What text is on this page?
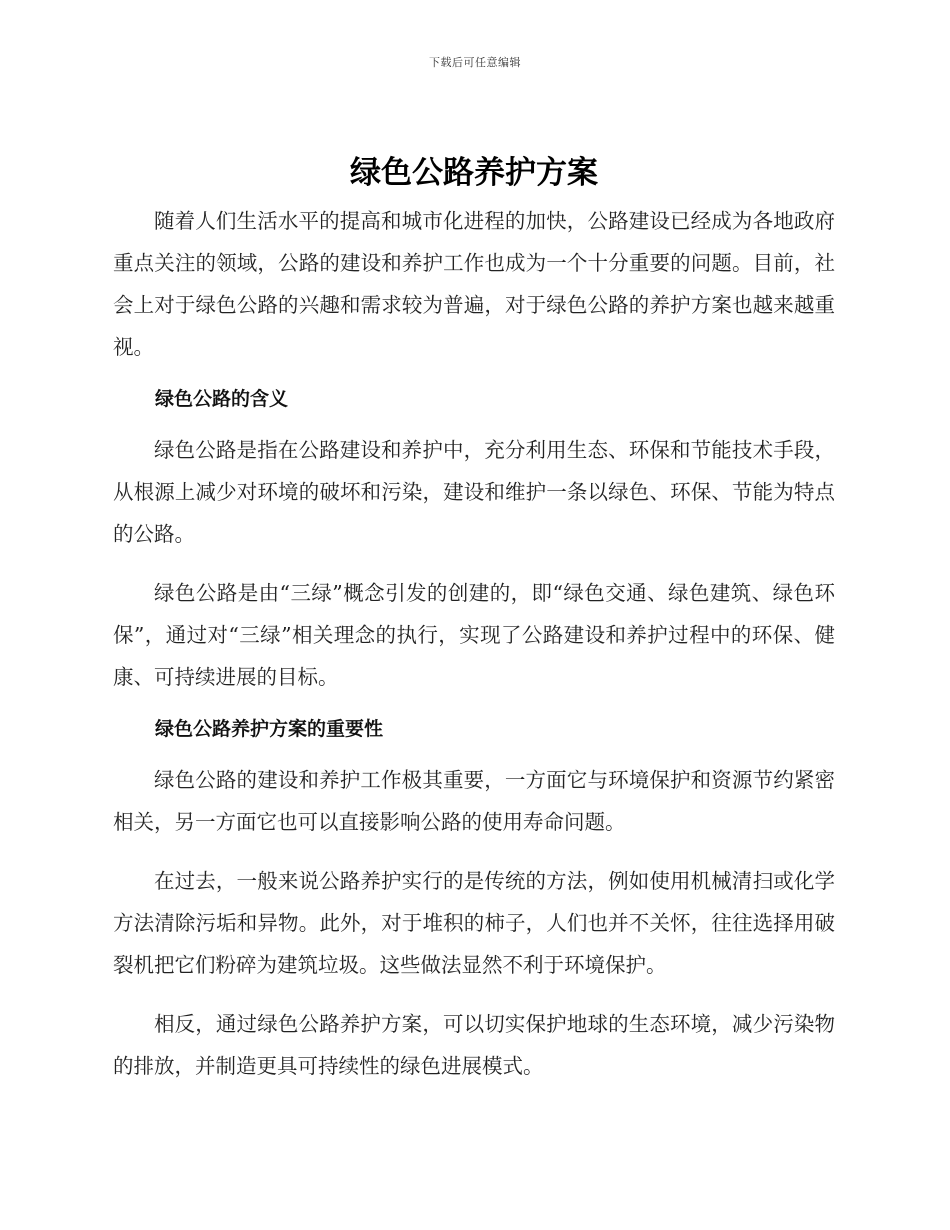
下载后可任意编辑
绿色公路养护方案

随着人们生活水平的提高和城市化进程的加快，公路建设已经成为各地政府重点关注的领域，公路的建设和养护工作也成为一个十分重要的问题。目前，社会上对于绿色公路的兴趣和需求较为普遍，对于绿色公路的养护方案也越来越重视。

绿色公路的含义

绿色公路是指在公路建设和养护中，充分利用生态、环保和节能技术手段，从根源上减少对环境的破坏和污染，建设和维护一条以绿色、环保、节能为特点的公路。

绿色公路是由“三绿”概念引发的创建的，即“绿色交通、绿色建筑、绿色环保”，通过对“三绿”相关理念的执行，实现了公路建设和养护过程中的环保、健康、可持续进展的目标。

绿色公路养护方案的重要性

绿色公路的建设和养护工作极其重要，一方面它与环境保护和资源节约紧密相关，另一方面它也可以直接影响公路的使用寿命问题。

在过去，一般来说公路养护实行的是传统的方法，例如使用机械清扫或化学方法清除污垢和异物。此外，对于堆积的柿子，人们也并不关怀，往往选择用破裂机把它们粉碎为建筑垃圾。这些做法显然不利于环境保护。

相反，通过绿色公路养护方案，可以切实保护地球的生态环境，减少污染物的排放，并制造更具可持续性的绿色进展模式。
